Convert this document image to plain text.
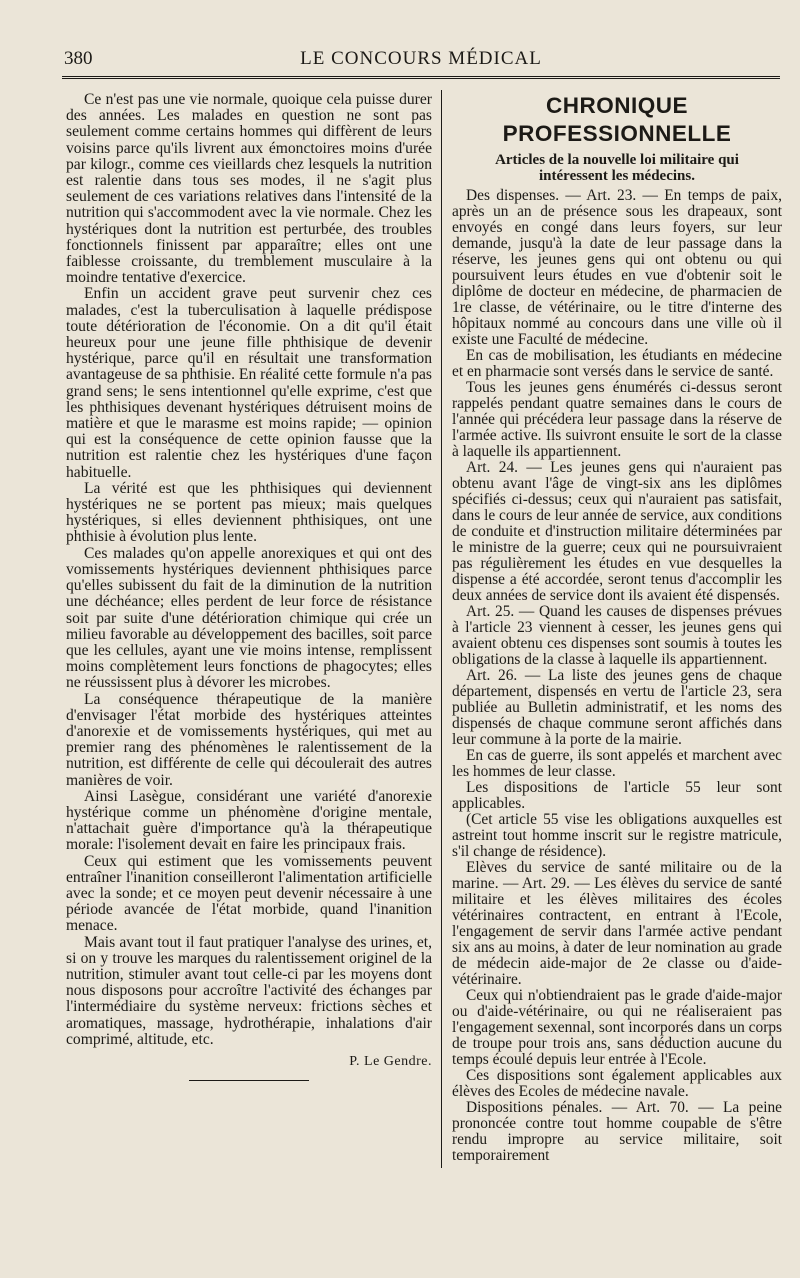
380	LE CONCOURS MÉDICAL

Ce n'est pas une vie normale, quoique cela puisse durer des années. Les malades en question ne sont pas seulement comme certains hommes qui diffèrent de leurs voisins parce qu'ils livrent aux émonctoires moins d'urée par kilogr., comme ces vieillards chez lesquels la nutrition est ralentie dans tous ses modes, il ne s'agit plus seulement de ces variations relatives dans l'intensité de la nutrition qui s'accommodent avec la vie normale. Chez les hystériques dont la nutrition est perturbée, des troubles fonctionnels finissent par apparaître; elles ont une faiblesse croissante, du tremblement musculaire à la moindre tentative d'exercice.

Enfin un accident grave peut survenir chez ces malades, c'est la tuberculisation à laquelle prédispose toute détérioration de l'économie. On a dit qu'il était heureux pour une jeune fille phthisique de devenir hystérique, parce qu'il en résultait une transformation avantageuse de sa phthisie. En réalité cette formule n'a pas grand sens; le sens intentionnel qu'elle exprime, c'est que les phthisiques devenant hystériques détruisent moins de matière et que le marasme est moins rapide; — opinion qui est la conséquence de cette opinion fausse que la nutrition est ralentie chez les hystériques d'une façon habituelle.

La vérité est que les phthisiques qui deviennent hystériques ne se portent pas mieux; mais quelques hystériques, si elles deviennent phthisiques, ont une phthisie à évolution plus lente.

Ces malades qu'on appelle anorexiques et qui ont des vomissements hystériques deviennent phthisiques parce qu'elles subissent du fait de la diminution de la nutrition une déchéance; elles perdent de leur force de résistance soit par suite d'une détérioration chimique qui crée un milieu favorable au développement des bacilles, soit parce que les cellules, ayant une vie moins intense, remplissent moins complètement leurs fonctions de phagocytes; elles ne réussissent plus à dévorer les microbes.

La conséquence thérapeutique de la manière d'envisager l'état morbide des hystériques atteintes d'anorexie et de vomissements hystériques, qui met au premier rang des phénomènes le ralentissement de la nutrition, est différente de celle qui découlerait des autres manières de voir.

Ainsi Lasègue, considérant une variété d'anorexie hystérique comme un phénomène d'origine mentale, n'attachait guère d'importance qu'à la thérapeutique morale: l'isolement devait en faire les principaux frais.

Ceux qui estiment que les vomissements peuvent entraîner l'inanition conseilleront l'alimentation artificielle avec la sonde; et ce moyen peut devenir nécessaire à une période avancée de l'état morbide, quand l'inanition menace.

Mais avant tout il faut pratiquer l'analyse des urines, et, si on y trouve les marques du ralentissement originel de la nutrition, stimuler avant tout celle-ci par les moyens dont nous disposons pour accroître l'activité des échanges par l'intermédiaire du système nerveux: frictions sèches et aromatiques, massage, hydrothérapie, inhalations d'air comprimé, altitude, etc.

P. Le Gendre.
CHRONIQUE PROFESSIONNELLE
Articles de la nouvelle loi militaire qui
intéressent les médecins.

Des dispenses. — Art. 23. — En temps de paix, après un an de présence sous les drapeaux, sont envoyés en congé dans leurs foyers, sur leur demande, jusqu'à la date de leur passage dans la réserve, les jeunes gens qui ont obtenu ou qui poursuivent leurs études en vue d'obtenir soit le diplôme de docteur en médecine, de pharmacien de 1re classe, de vétérinaire, ou le titre d'interne des hôpitaux nommé au concours dans une ville où il existe une Faculté de médecine.

En cas de mobilisation, les étudiants en médecine et en pharmacie sont versés dans le service de santé.

Tous les jeunes gens énumérés ci-dessus seront rappelés pendant quatre semaines dans le cours de l'année qui précédera leur passage dans la réserve de l'armée active. Ils suivront ensuite le sort de la classe à laquelle ils appartiennent.

Art. 24. — Les jeunes gens qui n'auraient pas obtenu avant l'âge de vingt-six ans les diplômes spécifiés ci-dessus; ceux qui n'auraient pas satisfait, dans le cours de leur année de service, aux conditions de conduite et d'instruction militaire déterminées par le ministre de la guerre; ceux qui ne poursuivraient pas régulièrement les études en vue desquelles la dispense a été accordée, seront tenus d'accomplir les deux années de service dont ils avaient été dispensés.

Art. 25. — Quand les causes de dispenses prévues à l'article 23 viennent à cesser, les jeunes gens qui avaient obtenu ces dispenses sont soumis à toutes les obligations de la classe à laquelle ils appartiennent.

Art. 26. — La liste des jeunes gens de chaque département, dispensés en vertu de l'article 23, sera publiée au Bulletin administratif, et les noms des dispensés de chaque commune seront affichés dans leur commune à la porte de la mairie.

En cas de guerre, ils sont appelés et marchent avec les hommes de leur classe.

Les dispositions de l'article 55 leur sont applicables.

(Cet article 55 vise les obligations auxquelles est astreint tout homme inscrit sur le registre matricule, s'il change de résidence).

Elèves du service de santé militaire ou de la marine. — Art. 29. — Les élèves du service de santé militaire et les élèves militaires des écoles vétérinaires contractent, en entrant à l'Ecole, l'engagement de servir dans l'armée active pendant six ans au moins, à dater de leur nomination au grade de médecin aide-major de 2e classe ou d'aide-vétérinaire.

Ceux qui n'obtiendraient pas le grade d'aide-major ou d'aide-vétérinaire, ou qui ne réaliseraient pas l'engagement sexennal, sont incorporés dans un corps de troupe pour trois ans, sans déduction aucune du temps écoulé depuis leur entrée à l'Ecole.

Ces dispositions sont également applicables aux élèves des Ecoles de médecine navale.

Dispositions pénales. — Art. 70. — La peine prononcée contre tout homme coupable de s'être rendu impropre au service militaire, soit temporairement
